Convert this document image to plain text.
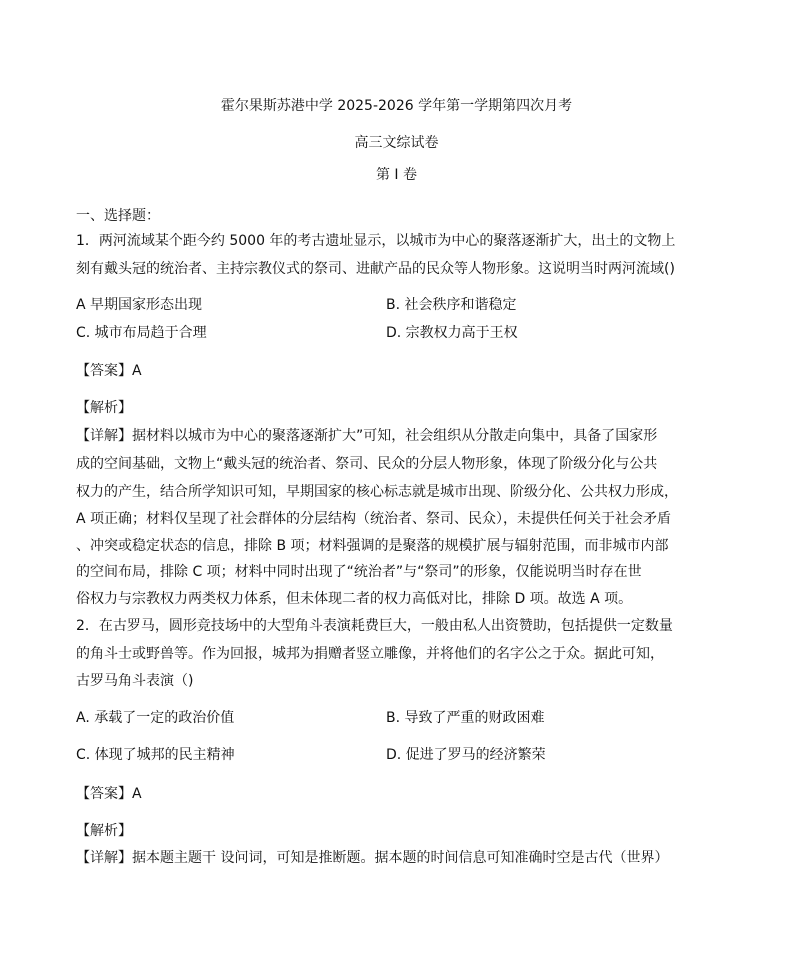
霍尔果斯苏港中学 2025-2026 学年第一学期第四次月考
高三文综试卷
第 I 卷
一、选择题：
1．两河流域某个距今约 5000 年的考古遗址显示，以城市为中心的聚落逐渐扩大，出土的文物上
刻有戴头冠的统治者、主持宗教仪式的祭司、进献产品的民众等人物形象。这说明当时两河流域()
A 早期国家形态出现	B. 社会秩序和谐稳定
C. 城市布局趋于合理	D. 宗教权力高于王权
【答案】A
【解析】
【详解】据材料以城市为中心的聚落逐渐扩大”可知，社会组织从分散走向集中，具备了国家形
成的空间基础，文物上“戴头冠的统治者、祭司、民众的分层人物形象，体现了阶级分化与公共
权力的产生，结合所学知识可知，早期国家的核心标志就是城市出现、阶级分化、公共权力形成，
A 项正确；材料仅呈现了社会群体的分层结构（统治者、祭司、民众），未提供任何关于社会矛盾
、冲突或稳定状态的信息，排除 B 项；材料强调的是聚落的规模扩展与辐射范围，而非城市内部
的空间布局，排除 C 项；材料中同时出现了“统治者”与“祭司”的形象，仅能说明当时存在世
俗权力与宗教权力两类权力体系，但未体现二者的权力高低对比，排除 D 项。故选 A 项。
2．在古罗马，圆形竞技场中的大型角斗表演耗费巨大，一般由私人出资赞助，包括提供一定数量
的角斗士或野兽等。作为回报，城邦为捐赠者竖立雕像，并将他们的名字公之于众。据此可知，
古罗马角斗表演（)
A. 承载了一定的政治价值	B. 导致了严重的财政困难
C. 体现了城邦的民主精神	D. 促进了罗马的经济繁荣
【答案】A
【解析】
【详解】据本题主题干 设问词，可知是推断题。据本题的时间信息可知准确时空是古代（世界）
